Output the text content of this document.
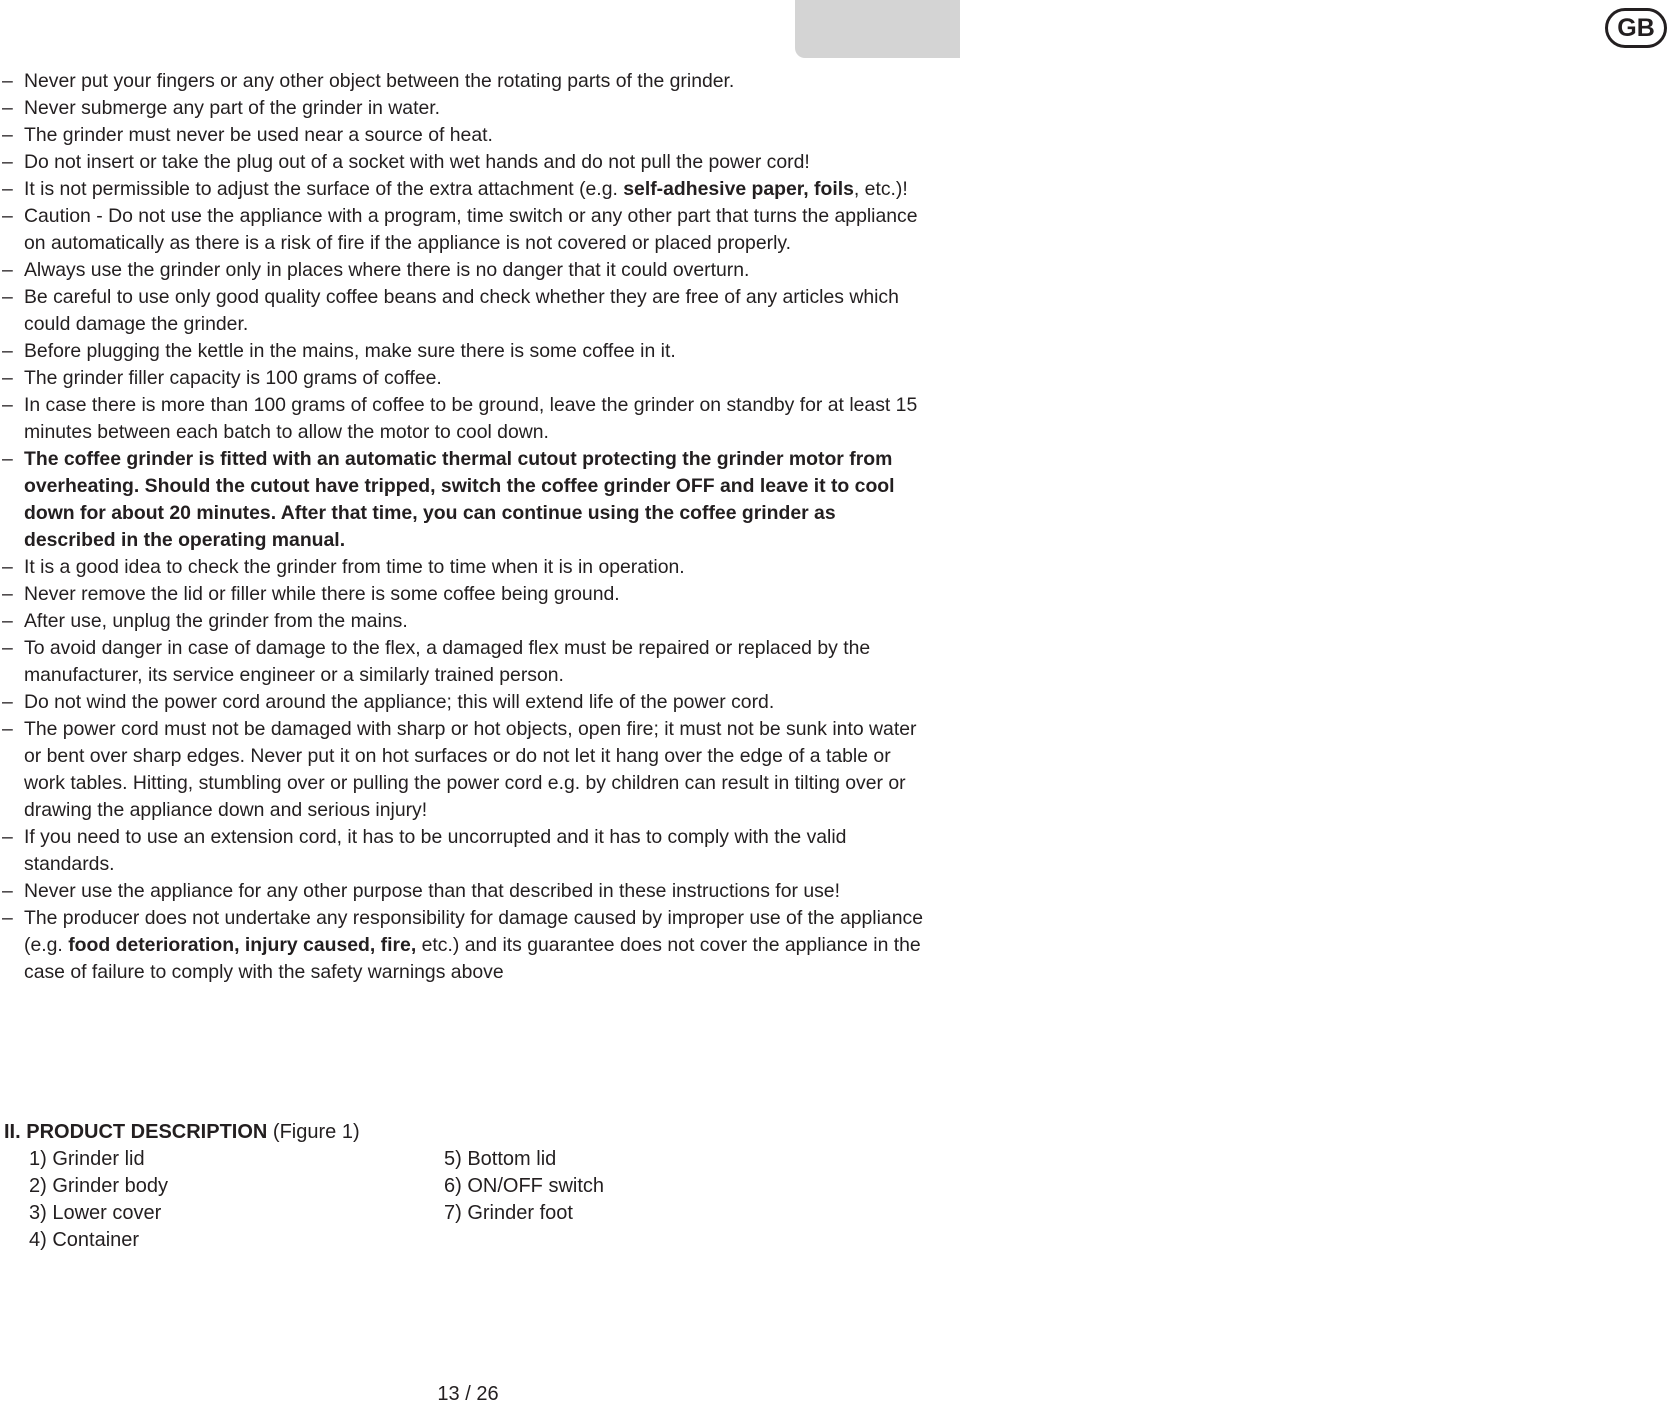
GB
– Never put your fingers or any other object between the rotating parts of the grinder.
– Never submerge any part of the grinder in water.
– The grinder must never be used near a source of heat.
– Do not insert or take the plug out of a socket with wet hands and do not pull the power cord!
– It is not permissible to adjust the surface of the extra attachment (e.g. self-adhesive paper, foils, etc.)!
– Caution - Do not use the appliance with a program, time switch or any other part that turns the appliance on automatically as there is a risk of fire if the appliance is not covered or placed properly.
– Always use the grinder only in places where there is no danger that it could overturn.
– Be careful to use only good quality coffee beans and check whether they are free of any articles which could damage the grinder.
– Before plugging the kettle in the mains, make sure there is some coffee in it.
– The grinder filler capacity is 100 grams of coffee.
– In case there is more than 100 grams of coffee to be ground, leave the grinder on standby for at least 15 minutes between each batch to allow the motor to cool down.
– The coffee grinder is fitted with an automatic thermal cutout protecting the grinder motor from overheating. Should the cutout have tripped, switch the coffee grinder OFF and leave it to cool down for about 20 minutes. After that time, you can continue using the coffee grinder as described in the operating manual.
– It is a good idea to check the grinder from time to time when it is in operation.
– Never remove the lid or filler while there is some coffee being ground.
– After use, unplug the grinder from the mains.
– To avoid danger in case of damage to the flex, a damaged flex must be repaired or replaced by the manufacturer, its service engineer or a similarly trained person.
– Do not wind the power cord around the appliance; this will extend life of the power cord.
– The power cord must not be damaged with sharp or hot objects, open fire; it must not be sunk into water or bent over sharp edges. Never put it on hot surfaces or do not let it hang over the edge of a table or work tables. Hitting, stumbling over or pulling the power cord e.g. by children can result in tilting over or drawing the appliance down and serious injury!
– If you need to use an extension cord, it has to be uncorrupted and it has to comply with the valid standards.
– Never use the appliance for any other purpose than that described in these instructions for use!
– The producer does not undertake any responsibility for damage caused by improper use of the appliance (e.g. food deterioration, injury caused, fire, etc.) and its guarantee does not cover the appliance in the case of failure to comply with the safety warnings above
II. PRODUCT DESCRIPTION (Figure 1)
1) Grinder lid
2) Grinder body
3) Lower cover
4) Container
5) Bottom lid
6) ON/OFF switch
7) Grinder foot
13 / 26
